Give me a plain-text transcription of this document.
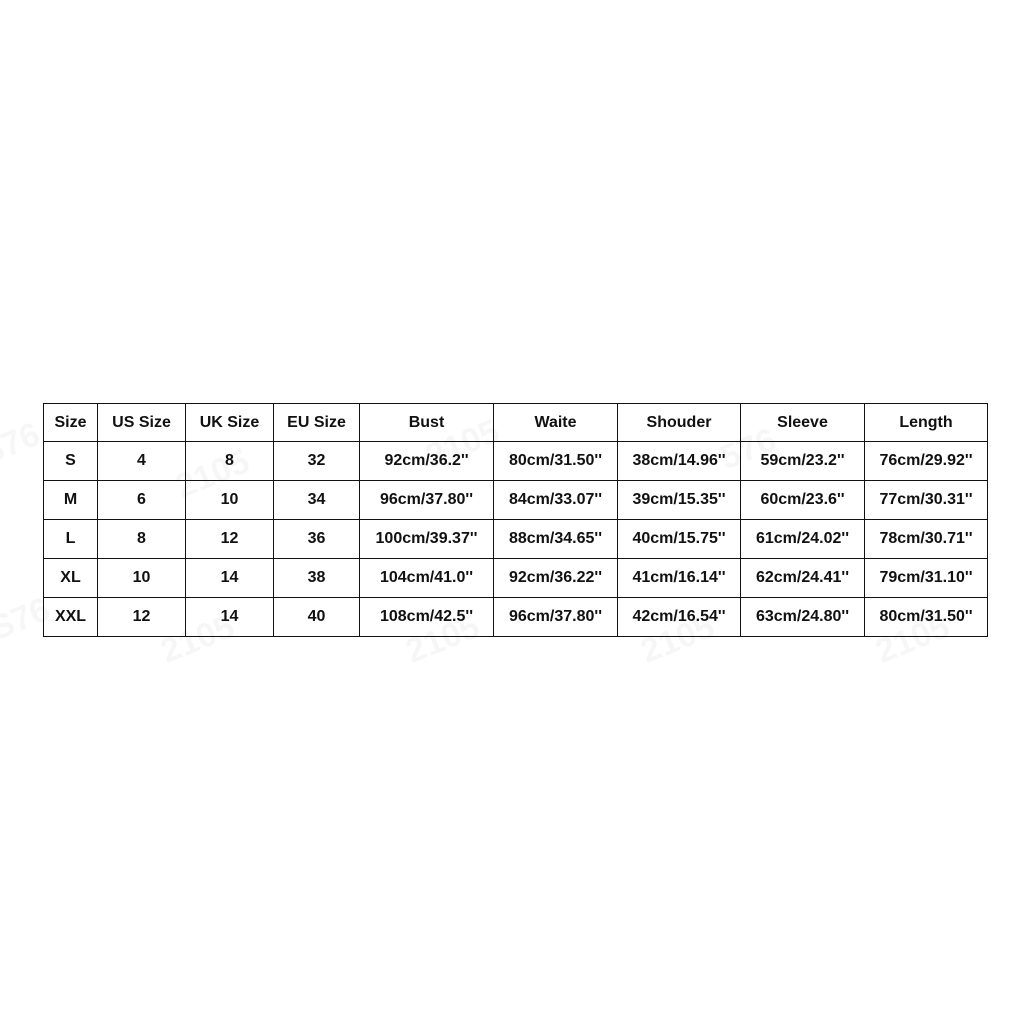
Size	US Size	UK Size	EU Size	Bust	Waite	Shouder	Sleeve	Length
S	4	8	32	92cm/36.2''	80cm/31.50''	38cm/14.96''	59cm/23.2''	76cm/29.92''
M	6	10	34	96cm/37.80''	84cm/33.07''	39cm/15.35''	60cm/23.6''	77cm/30.31''
L	8	12	36	100cm/39.37''	88cm/34.65''	40cm/15.75''	61cm/24.02''	78cm/30.71''
XL	10	14	38	104cm/41.0''	92cm/36.22''	41cm/16.14''	62cm/24.41''	79cm/31.10''
XXL	12	14	40	108cm/42.5''	96cm/37.80''	42cm/16.54''	63cm/24.80''	80cm/31.50''
